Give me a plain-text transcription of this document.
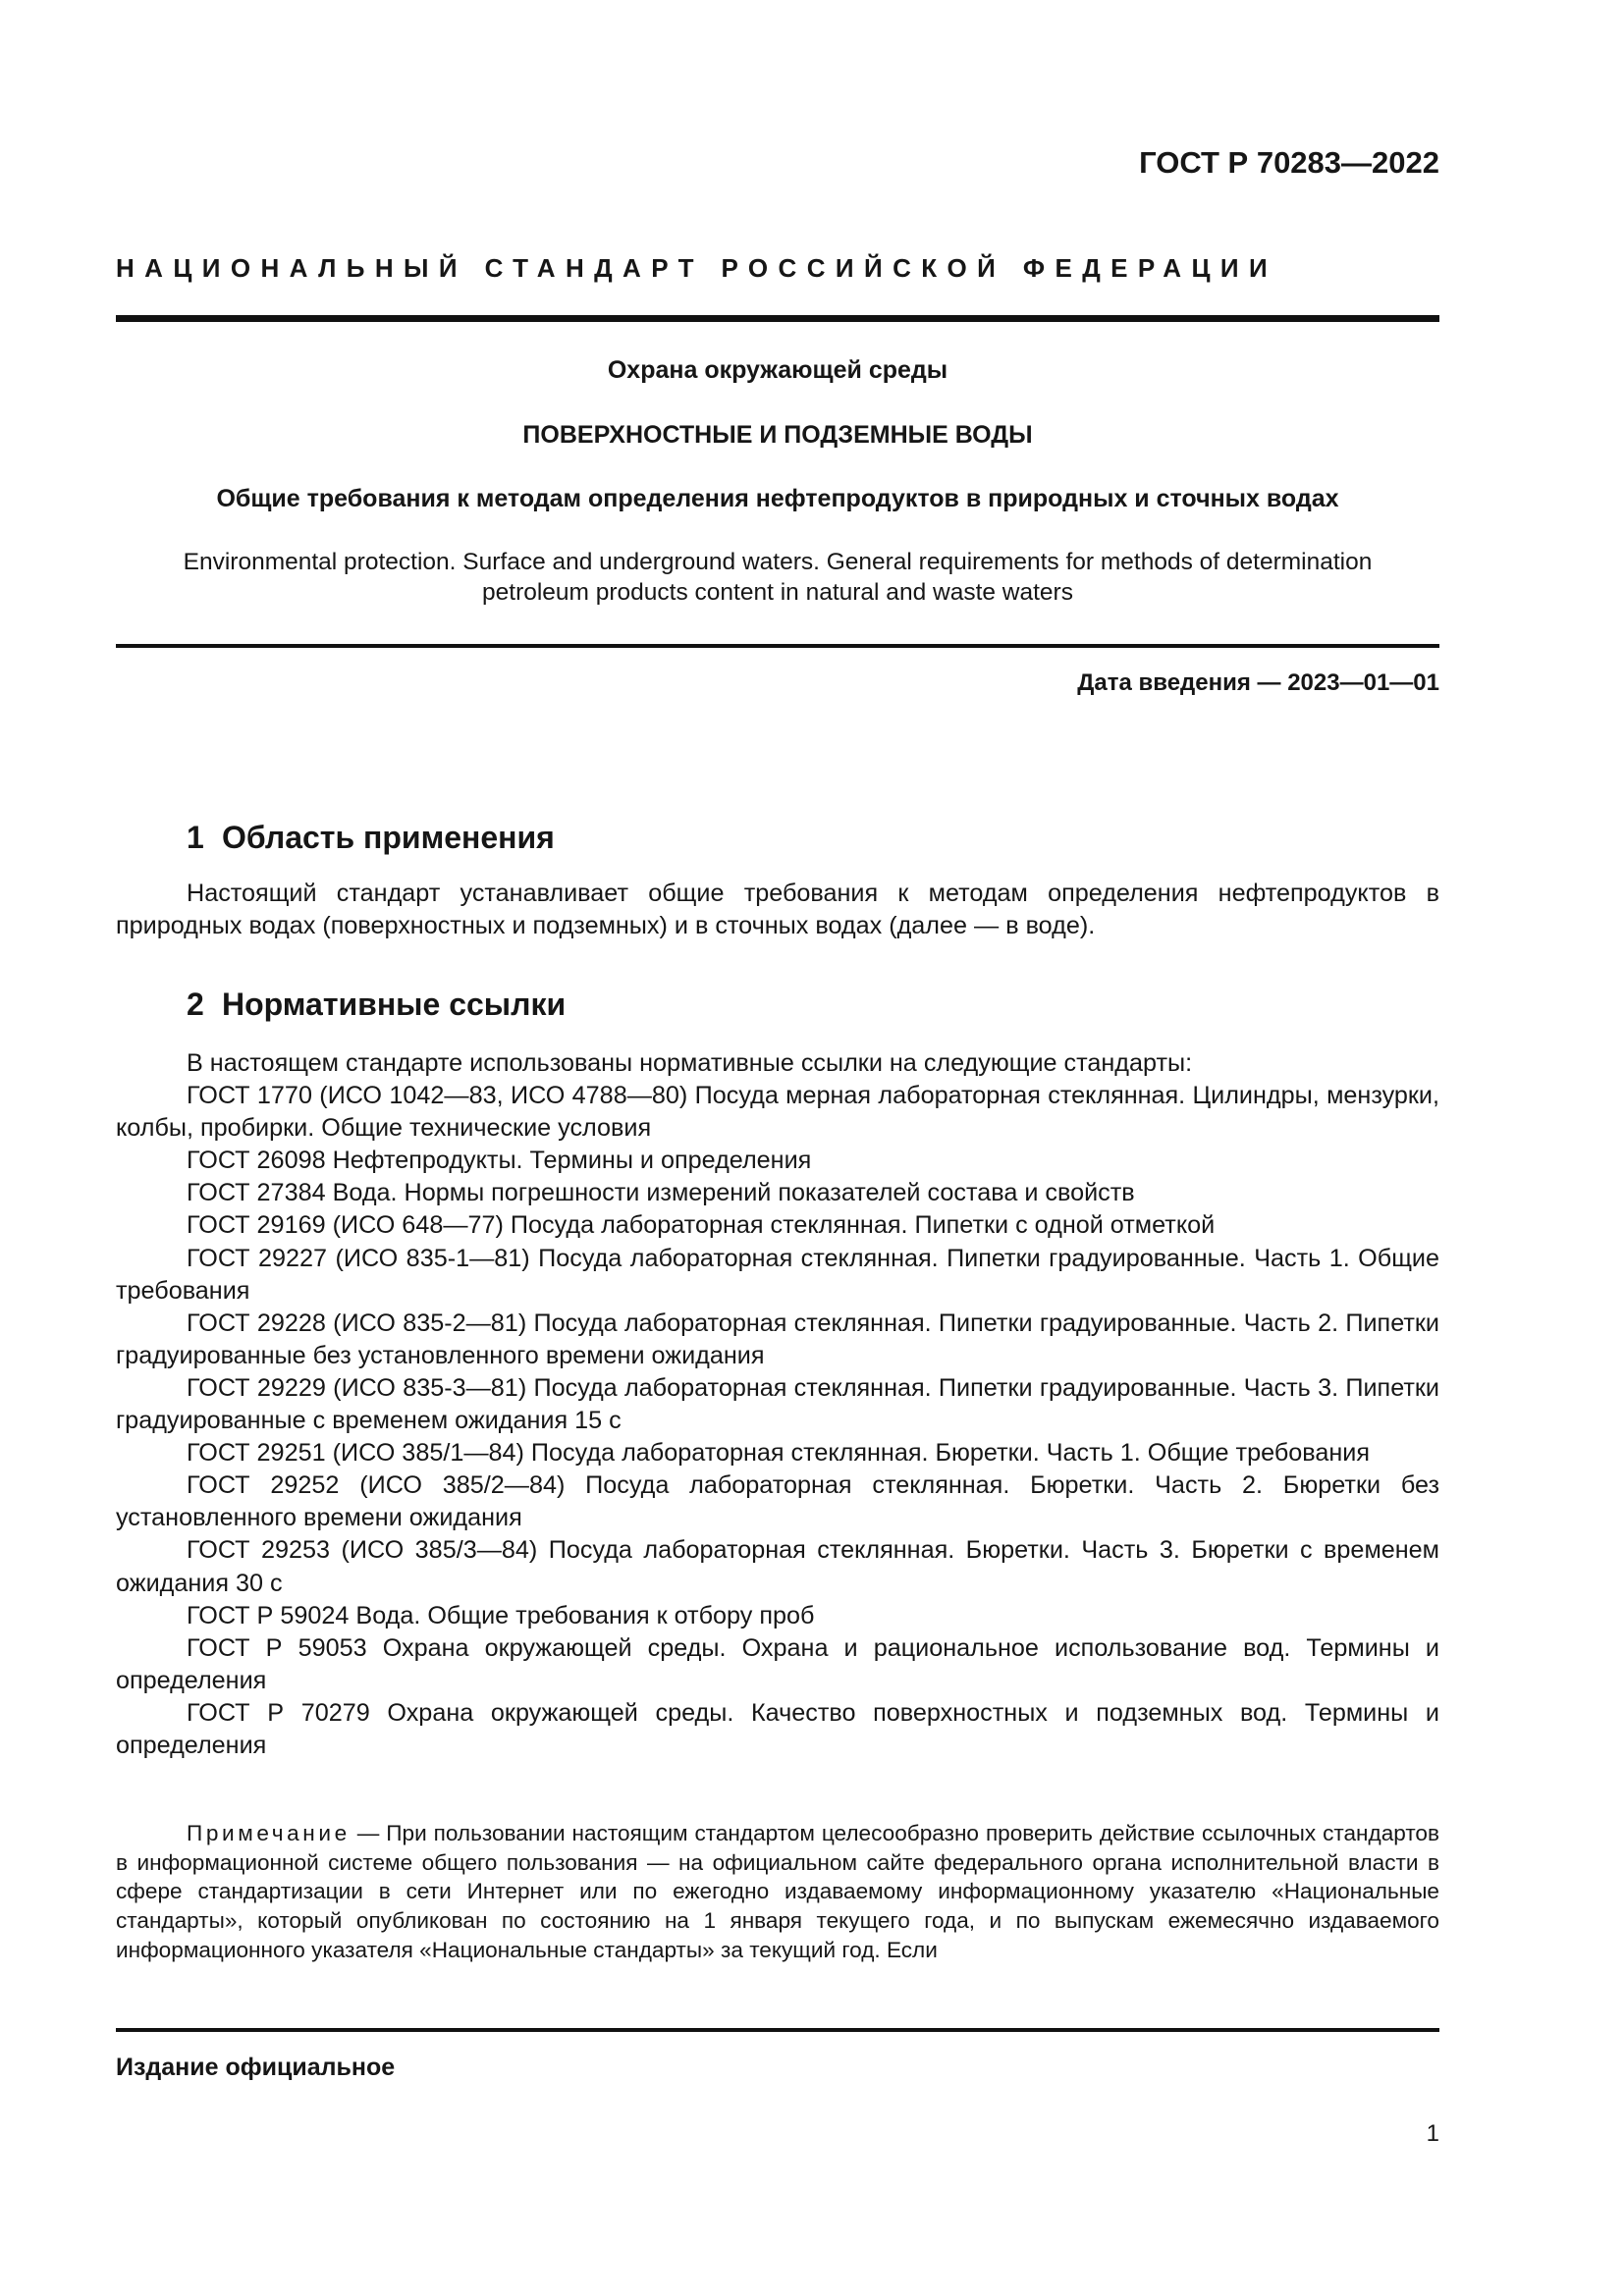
ГОСТ Р 70283—2022
НАЦИОНАЛЬНЫЙ СТАНДАРТ РОССИЙСКОЙ ФЕДЕРАЦИИ
Охрана окружающей среды
ПОВЕРХНОСТНЫЕ И ПОДЗЕМНЫЕ ВОДЫ
Общие требования к методам определения нефтепродуктов в природных и сточных водах
Environmental protection. Surface and underground waters. General requirements for methods of determination
petroleum products content in natural and waste waters
Дата введения — 2023—01—01
1 Область применения

Настоящий стандарт устанавливает общие требования к методам определения нефтепродуктов в природных водах (поверхностных и подземных) и в сточных водах (далее — в воде).

2 Нормативные ссылки

В настоящем стандарте использованы нормативные ссылки на следующие стандарты:

ГОСТ 1770 (ИСО 1042—83, ИСО 4788—80) Посуда мерная лабораторная стеклянная. Цилиндры, мензурки, колбы, пробирки. Общие технические условия

ГОСТ 26098 Нефтепродукты. Термины и определения

ГОСТ 27384 Вода. Нормы погрешности измерений показателей состава и свойств

ГОСТ 29169 (ИСО 648—77) Посуда лабораторная стеклянная. Пипетки с одной отметкой

ГОСТ 29227 (ИСО 835-1—81) Посуда лабораторная стеклянная. Пипетки градуированные. Часть 1. Общие требования

ГОСТ 29228 (ИСО 835-2—81) Посуда лабораторная стеклянная. Пипетки градуированные. Часть 2. Пипетки градуированные без установленного времени ожидания

ГОСТ 29229 (ИСО 835-3—81) Посуда лабораторная стеклянная. Пипетки градуированные. Часть 3. Пипетки градуированные с временем ожидания 15 с

ГОСТ 29251 (ИСО 385/1—84) Посуда лабораторная стеклянная. Бюретки. Часть 1. Общие требования

ГОСТ 29252 (ИСО 385/2—84) Посуда лабораторная стеклянная. Бюретки. Часть 2. Бюретки без установленного времени ожидания

ГОСТ 29253 (ИСО 385/3—84) Посуда лабораторная стеклянная. Бюретки. Часть 3. Бюретки с временем ожидания 30 с

ГОСТ Р 59024 Вода. Общие требования к отбору проб

ГОСТ Р 59053 Охрана окружающей среды. Охрана и рациональное использование вод. Термины и определения

ГОСТ Р 70279 Охрана окружающей среды. Качество поверхностных и подземных вод. Термины и определения

Примечание — При пользовании настоящим стандартом целесообразно проверить действие ссылочных стандартов в информационной системе общего пользования — на официальном сайте федерального органа исполнительной власти в сфере стандартизации в сети Интернет или по ежегодно издаваемому информационному указателю «Национальные стандарты», который опубликован по состоянию на 1 января текущего года, и по выпускам ежемесячно издаваемого информационного указателя «Национальные стандарты» за текущий год. Если
Издание официальное
1
